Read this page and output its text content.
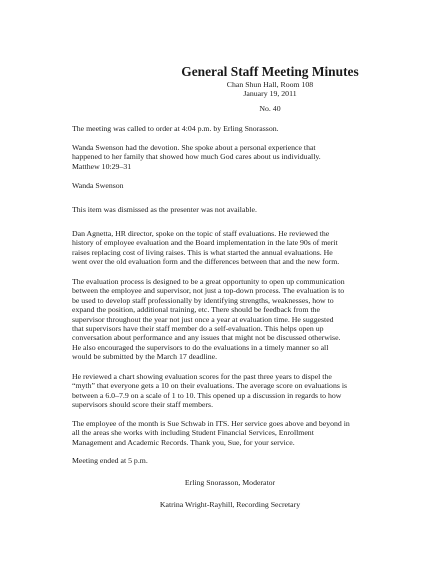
General Staff Meeting Minutes
Chan Shun Hall, Room 108
January 19, 2011
No. 40
The meeting was called to order at 4:04 p.m. by Erling Snorasson.
Wanda Swenson had the devotion. She spoke about a personal experience that
happened to her family that showed how much God cares about us individually.
Matthew 10:29–31
Wanda Swenson
This item was dismissed as the presenter was not available.
Dan Agnetta, HR director, spoke on the topic of staff evaluations. He reviewed the
history of employee evaluation and the Board implementation in the late 90s of merit
raises replacing cost of living raises. This is what started the annual evaluations. He
went over the old evaluation form and the differences between that and the new form.
The evaluation process is designed to be a great opportunity to open up communication
between the employee and supervisor, not just a top-down process. The evaluation is to
be used to develop staff professionally by identifying strengths, weaknesses, how to
expand the position, additional training, etc. There should be feedback from the
supervisor throughout the year not just once a year at evaluation time. He suggested
that supervisors have their staff member do a self-evaluation. This helps open up
conversation about performance and any issues that might not be discussed otherwise.
He also encouraged the supervisors to do the evaluations in a timely manner so all
would be submitted by the March 17 deadline.
He reviewed a chart showing evaluation scores for the past three years to dispel the
“myth” that everyone gets a 10 on their evaluations. The average score on evaluations is
between a 6.0–7.9 on a scale of 1 to 10. This opened up a discussion in regards to how
supervisors should score their staff members.
The employee of the month is Sue Schwab in ITS. Her service goes above and beyond in
all the areas she works with including Student Financial Services, Enrollment
Management and Academic Records. Thank you, Sue, for your service.
Meeting ended at 5 p.m.
Erling Snorasson, Moderator
Katrina Wright-Rayhill, Recording Secretary
